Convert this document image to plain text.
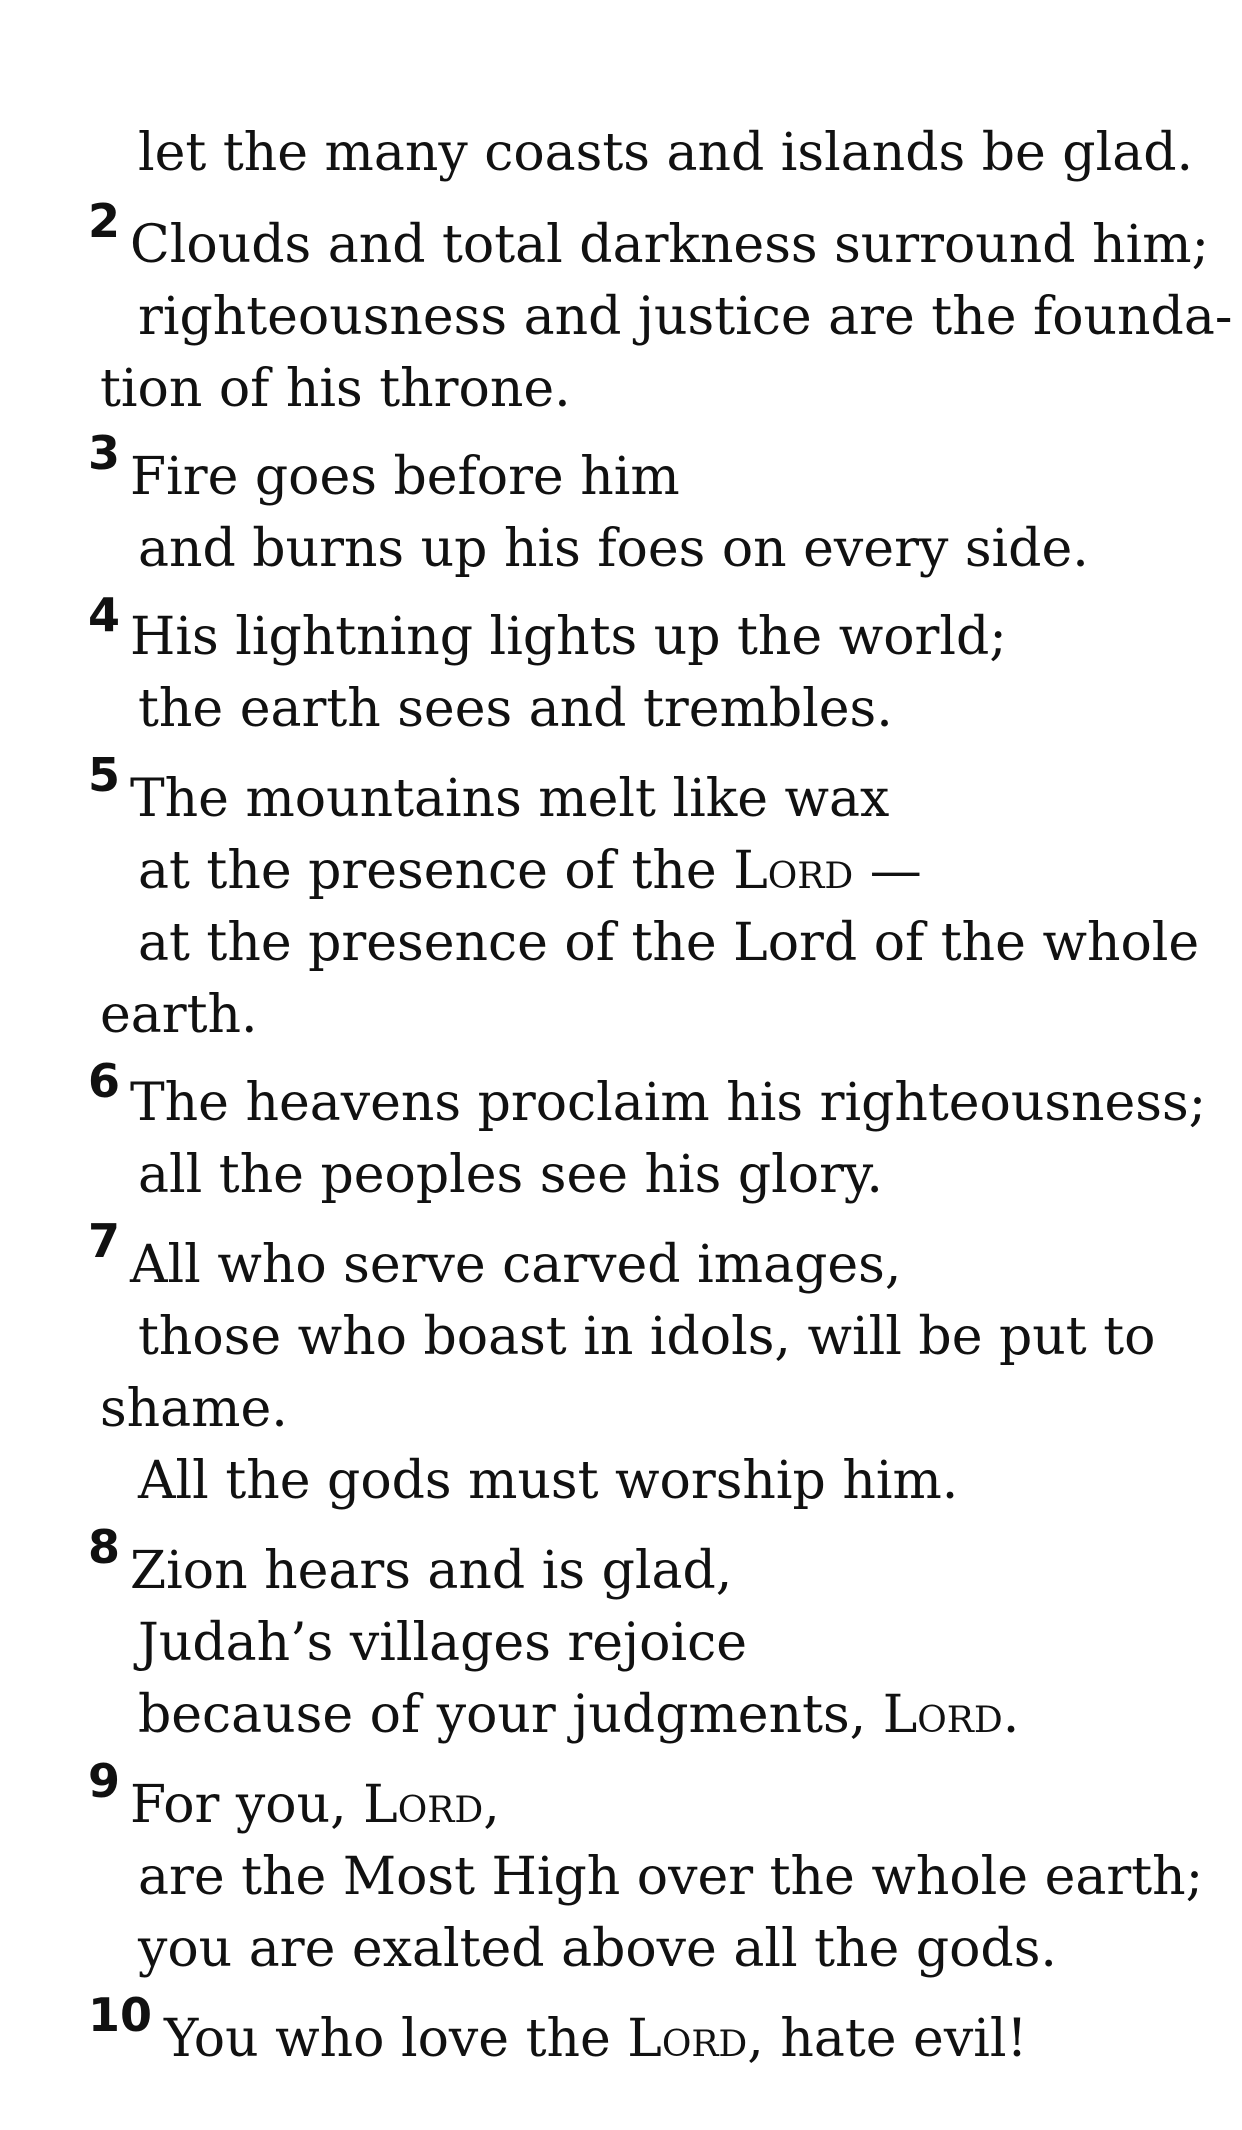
let the many coasts and islands be glad.
2 Clouds and total darkness surround him;
righteousness and justice are the founda-
tion of his throne.
3 Fire goes before him
and burns up his foes on every side.
4 His lightning lights up the world;
the earth sees and trembles.
5 The mountains melt like wax
at the presence of the Lord —
at the presence of the Lord of the whole
earth.
6 The heavens proclaim his righteousness;
all the peoples see his glory.
7 All who serve carved images,
those who boast in idols, will be put to
shame.
All the gods must worship him.
8 Zion hears and is glad,
Judah’s villages rejoice
because of your judgments, Lord.
9 For you, Lord,
are the Most High over the whole earth;
you are exalted above all the gods.
10 You who love the Lord, hate evil!
